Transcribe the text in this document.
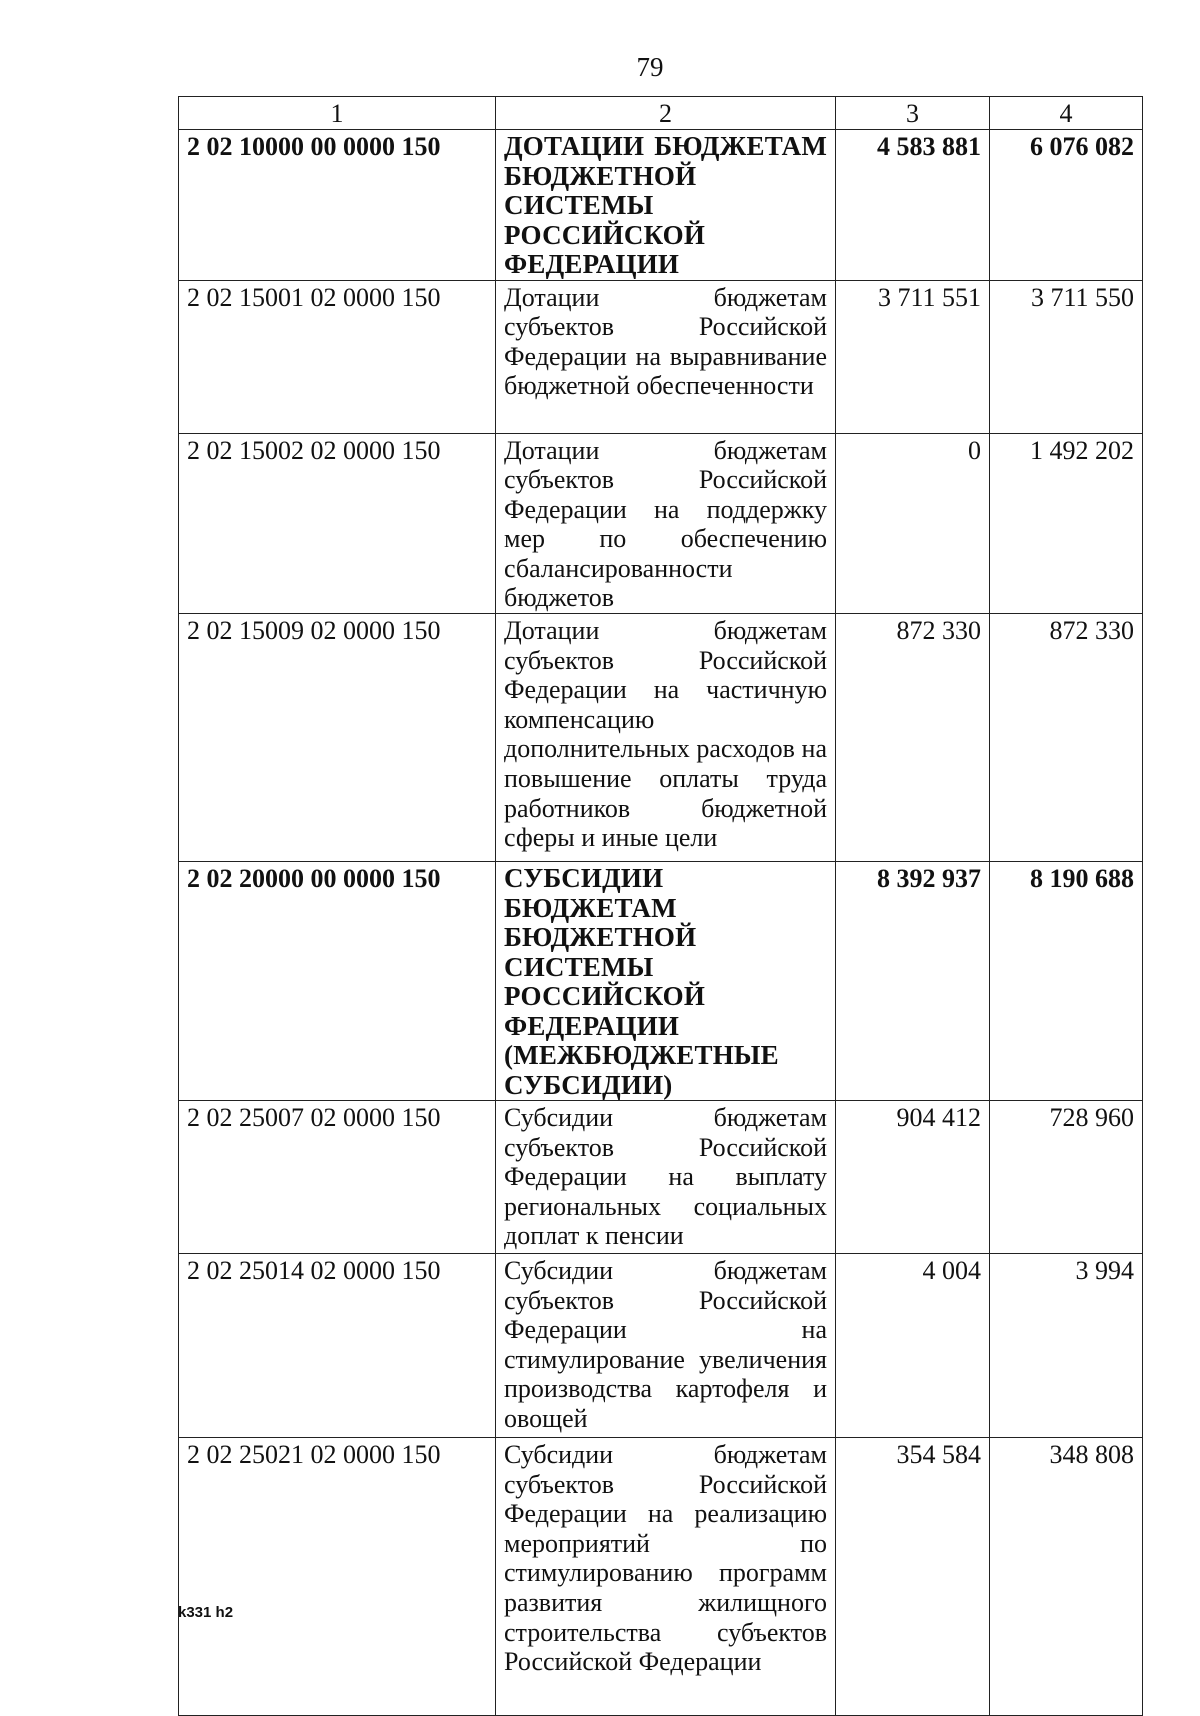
79
1	2	3	4
2 02 10000 00 0000 150	ДОТАЦИИ БЮДЖЕТАМ БЮДЖЕТНОЙ СИСТЕМЫ РОССИЙСКОЙ ФЕДЕРАЦИИ	4 583 881	6 076 082
2 02 15001 02 0000 150	Дотации бюджетам субъектов Российской Федерации на выравнивание бюджетной обеспеченности	3 711 551	3 711 550
2 02 15002 02 0000 150	Дотации бюджетам субъектов Российской Федерации на поддержку мер по обеспечению сбалансированности бюджетов	0	1 492 202
2 02 15009 02 0000 150	Дотации бюджетам субъектов Российской Федерации на частичную компенсацию дополнительных расходов на повышение оплаты труда работников бюджетной сферы и иные цели	872 330	872 330
2 02 20000 00 0000 150	СУБСИДИИ БЮДЖЕТАМ БЮДЖЕТНОЙ СИСТЕМЫ РОССИЙСКОЙ ФЕДЕРАЦИИ (МЕЖБЮДЖЕТНЫЕ СУБСИДИИ)	8 392 937	8 190 688
2 02 25007 02 0000 150	Субсидии бюджетам субъектов Российской Федерации на выплату региональных социальных доплат к пенсии	904 412	728 960
2 02 25014 02 0000 150	Субсидии бюджетам субъектов Российской Федерации на стимулирование увеличения производства картофеля и овощей	4 004	3 994
2 02 25021 02 0000 150	Субсидии бюджетам субъектов Российской Федерации на реализацию мероприятий по стимулированию программ развития жилищного строительства субъектов Российской Федерации	354 584	348 808
k331 h2
